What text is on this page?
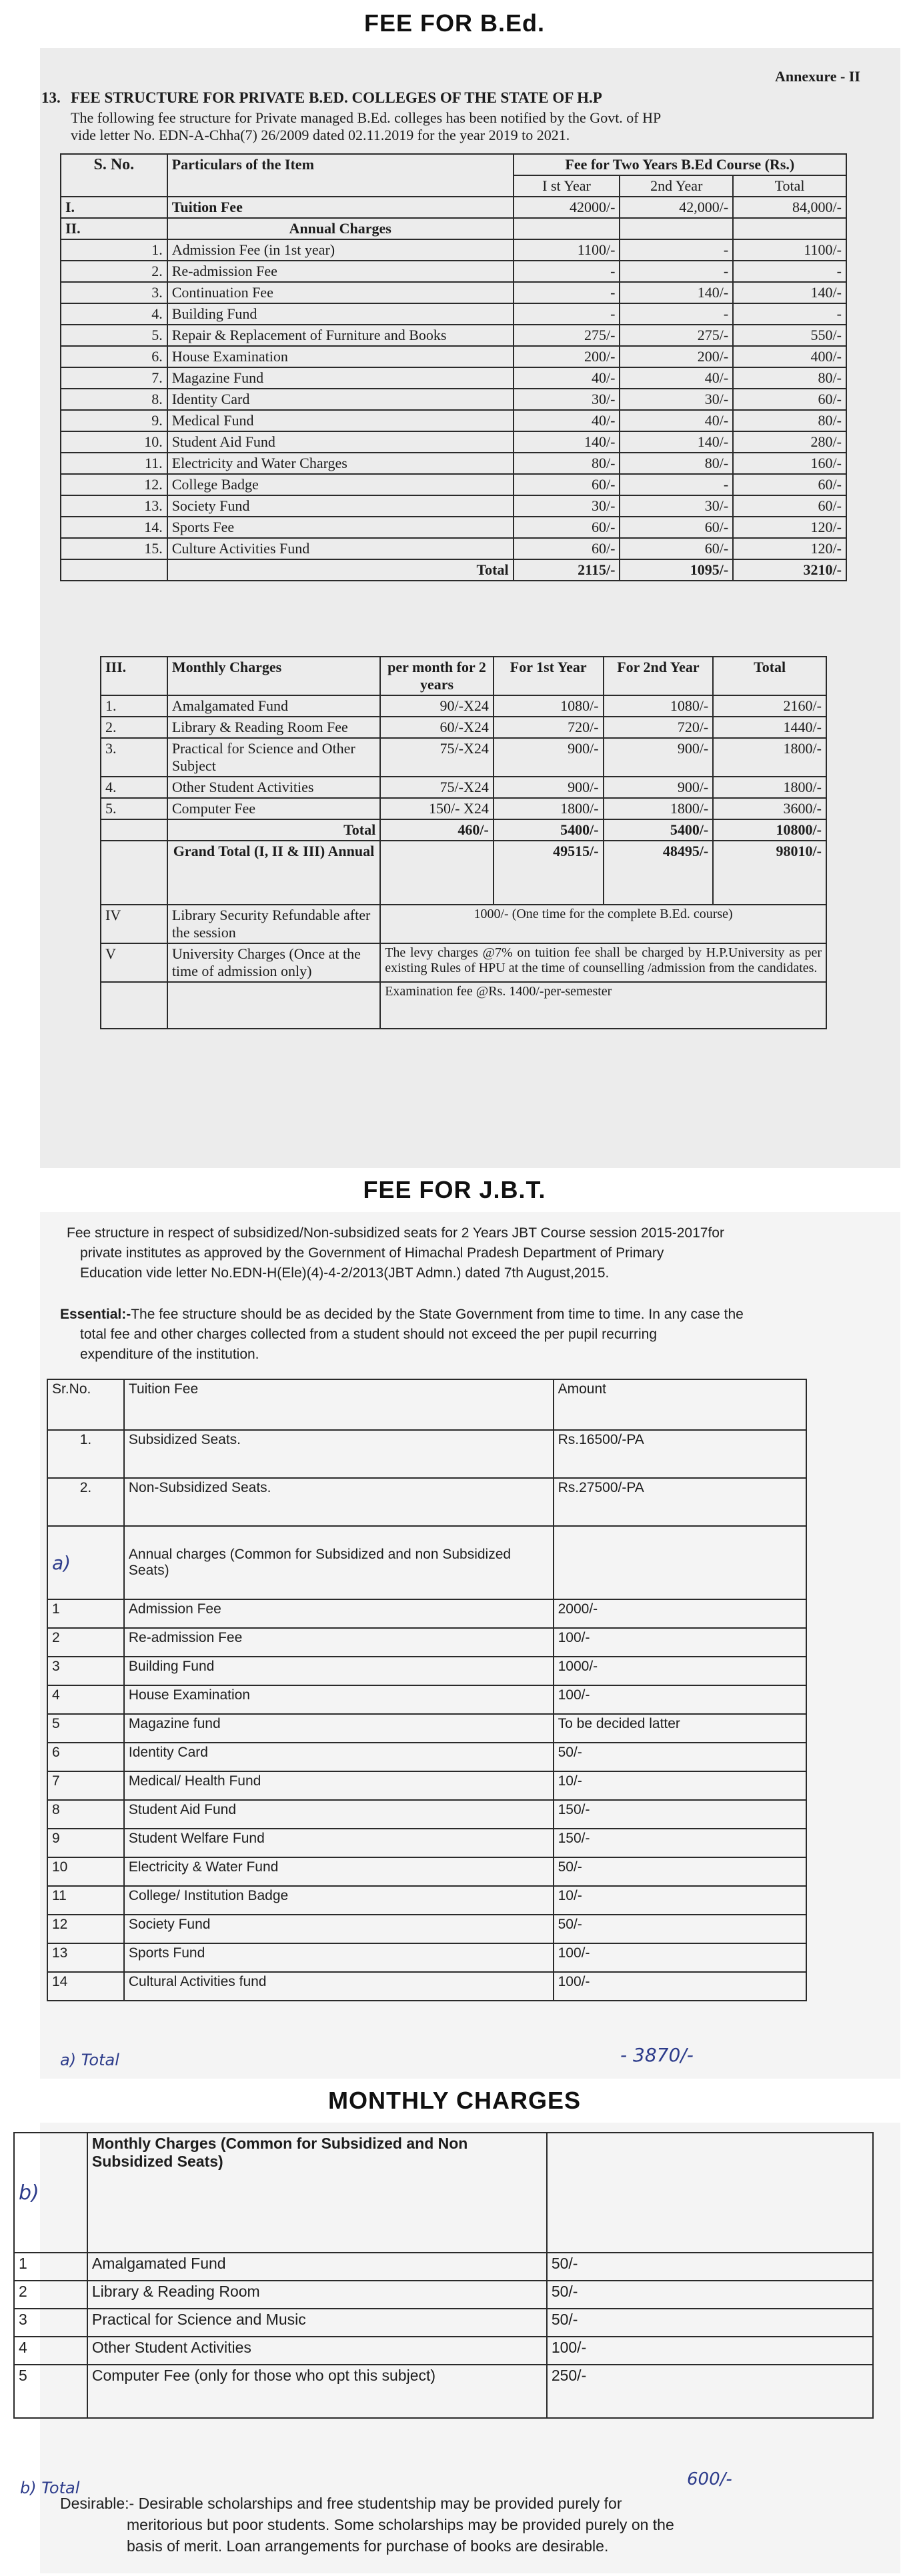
FEE FOR B.Ed.
Annexure - II
13. FEE STRUCTURE FOR PRIVATE B.ED. COLLEGES OF THE STATE OF H.P
The following fee structure for Private managed B.Ed. colleges has been notified by the Govt. of HP
vide letter No. EDN-A-Chha(7) 26/2009 dated 02.11.2019 for the year 2019 to 2021.
S. No.	Particulars of the Item	Fee for Two Years B.Ed Course (Rs.)		
		I st Year	2nd Year	Total
I.	Tuition Fee	42000/-	42,000/-	84,000/-
II.	Annual Charges			
1.	Admission Fee (in 1st year)	1100/-	-	1100/-
2.	Re-admission Fee	-	-	-
3.	Continuation Fee	-	140/-	140/-
4.	Building Fund	-	-	-
5.	Repair & Replacement of Furniture and Books	275/-	275/-	550/-
6.	House Examination	200/-	200/-	400/-
7.	Magazine Fund	40/-	40/-	80/-
8.	Identity Card	30/-	30/-	60/-
9.	Medical Fund	40/-	40/-	80/-
10.	Student Aid Fund	140/-	140/-	280/-
11.	Electricity and Water Charges	80/-	80/-	160/-
12.	College Badge	60/-	-	60/-
13.	Society Fund	30/-	30/-	60/-
14.	Sports Fee	60/-	60/-	120/-
15.	Culture Activities Fund	60/-	60/-	120/-
	Total	2115/-	1095/-	3210/-
III.	Monthly Charges	per month for 2 years	For 1st Year	For 2nd Year	Total
1.	Amalgamated Fund	90/-X24	1080/-	1080/-	2160/-
2.	Library & Reading Room Fee	60/-X24	720/-	720/-	1440/-
3.	Practical for Science and Other Subject	75/-X24	900/-	900/-	1800/-
4.	Other Student Activities	75/-X24	900/-	900/-	1800/-
5.	Computer Fee	150/- X24	1800/-	1800/-	3600/-
	Total	460/-	5400/-	5400/-	10800/-
	Grand Total (I, II & III) Annual		49515/-	48495/-	98010/-
IV	Library Security Refundable after the session	1000/- (One time for the complete B.Ed. course)			
V	University Charges (Once at the time of admission only)	The levy charges @7% on tuition fee shall be charged by H.P.University as per existing Rules of HPU at the time of counselling /admission from the candidates.			
		Examination fee @Rs. 1400/-per-semester			
FEE FOR J.B.T.
Fee structure in respect of subsidized/Non-subsidized seats for 2 Years JBT Course session 2015-2017for
private institutes as approved by the Government of Himachal Pradesh Department of Primary
Education vide letter No.EDN-H(Ele)(4)-4-2/2013(JBT Admn.) dated 7th August,2015.
Essential:-The fee structure should be as decided by the State Government from time to time. In any case the
total fee and other charges collected from a student should not exceed the per pupil recurring
expenditure of the institution.
Sr.No.	Tuition Fee	Amount
1.	Subsidized Seats.	Rs.16500/-PA
2.	Non-Subsidized Seats.	Rs.27500/-PA
a)	Annual charges (Common for Subsidized and non Subsidized Seats)	
1	Admission Fee	2000/-
2	Re-admission Fee	100/-
3	Building Fund	1000/-
4	House Examination	100/-
5	Magazine fund	To be decided latter
6	Identity Card	50/-
7	Medical/ Health Fund	10/-
8	Student Aid Fund	150/-
9	Student Welfare Fund	150/-
10	Electricity & Water Fund	50/-
11	College/ Institution Badge	10/-
12	Society Fund	50/-
13	Sports Fund	100/-
14	Cultural Activities fund	100/-
a) Total	- 3870/-
MONTHLY CHARGES
b)	Monthly Charges (Common for Subsidized and Non Subsidized Seats)	
1	Amalgamated Fund	50/-
2	Library & Reading Room	50/-
3	Practical for Science and Music	50/-
4	Other Student Activities	100/-
5	Computer Fee (only for those who opt this subject)	250/-
b) Total	600/-
Desirable:- Desirable scholarships and free studentship may be provided purely for
meritorious but poor students. Some scholarships may be provided purely on the
basis of merit. Loan arrangements for purchase of books are desirable.
